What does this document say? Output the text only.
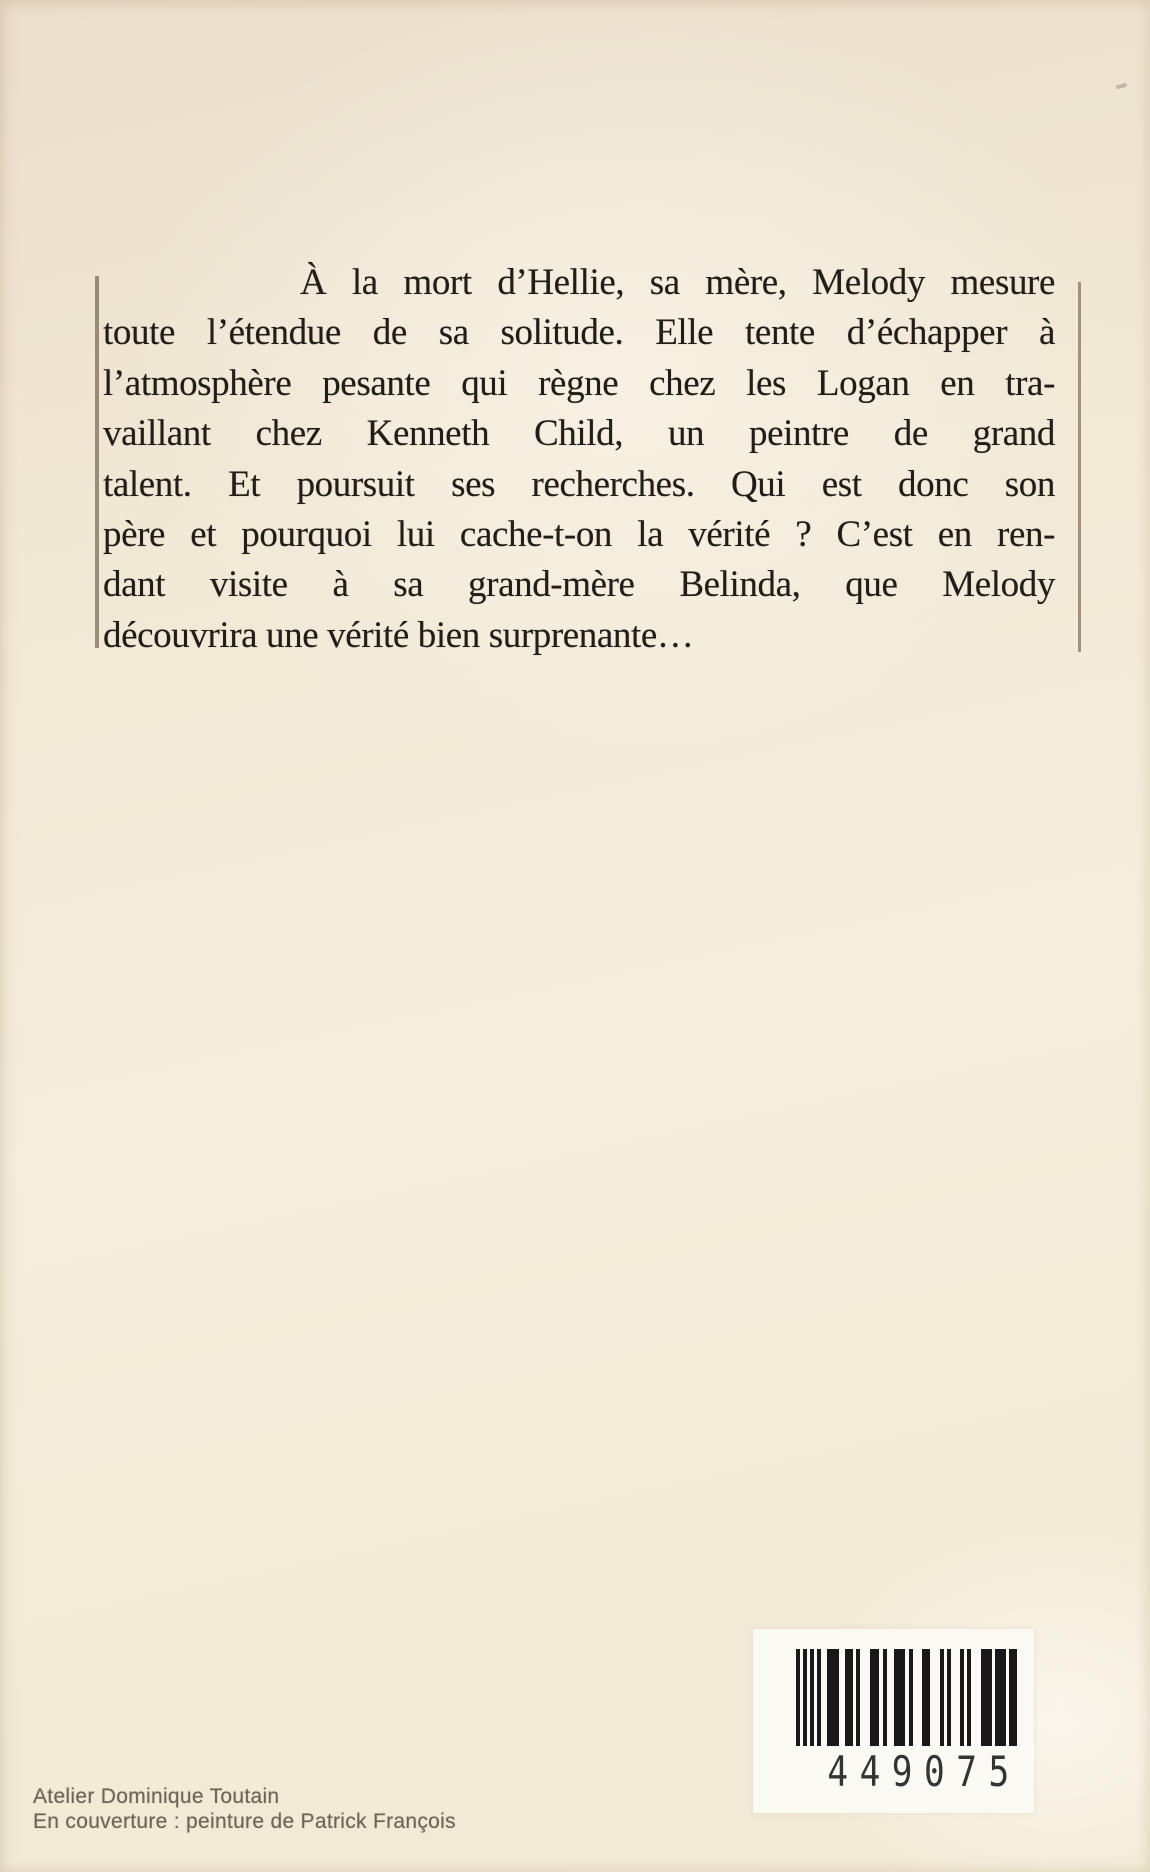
À la mort d’Hellie, sa mère, Melody mesure
toute l’étendue de sa solitude. Elle tente d’échapper à
l’atmosphère pesante qui règne chez les Logan en tra-
vaillant chez Kenneth Child, un peintre de grand
talent. Et poursuit ses recherches. Qui est donc son
père et pourquoi lui cache-t-on la vérité ? C’est en ren-
dant visite à sa grand-mère Belinda, que Melody
découvrira une vérité bien surprenante…
449075
Atelier Dominique Toutain
En couverture : peinture de Patrick François
